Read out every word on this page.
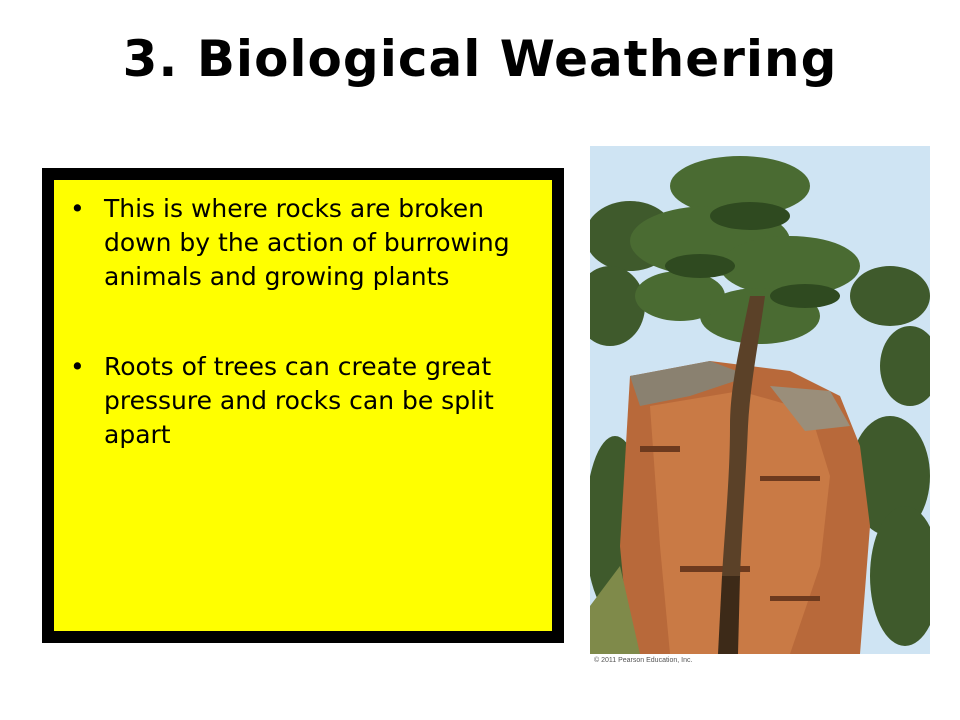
3. Biological Weathering
• This is where rocks are broken down by the action of burrowing animals and growing plants
• Roots of trees can create great pressure and rocks can be split apart
© 2011 Pearson Education, Inc.
